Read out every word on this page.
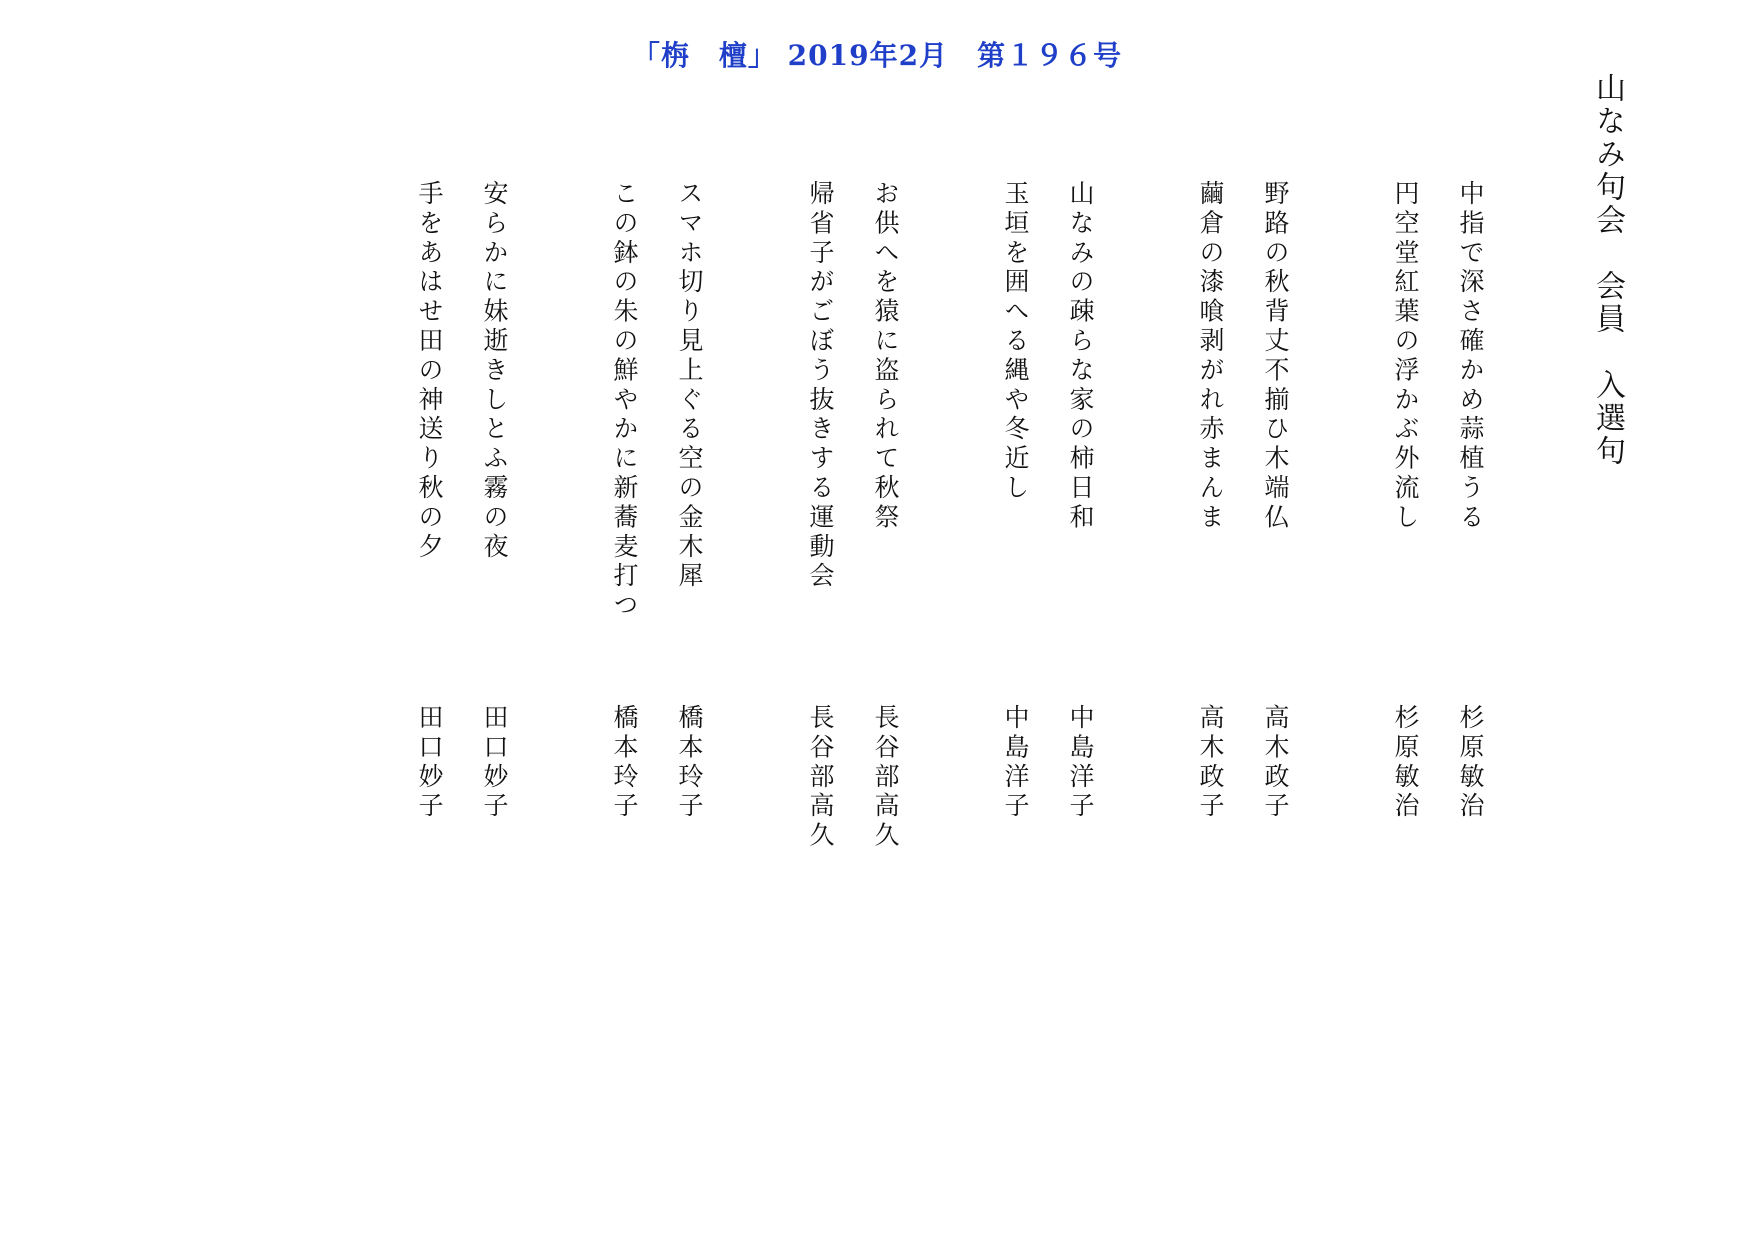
「栴　檀」 2019年2月　第１９６号
山なみ句会　会員　入選句
中指で深さ確かめ蒜植うる
円空堂紅葉の浮かぶ外流し
野路の秋背丈不揃ひ木端仏
繭倉の漆喰剥がれ赤まんま
山なみの疎らな家の柿日和
玉垣を囲へる縄や冬近し
お供へを猿に盗られて秋祭
帰省子がごぼう抜きする運動会
スマホ切り見上ぐる空の金木犀
この鉢の朱の鮮やかに新蕎麦打つ
安らかに妹逝きしとふ霧の夜
手をあはせ田の神送り秋の夕
杉原敏治
杉原敏治
高木政子
高木政子
中島洋子
中島洋子
長谷部高久
長谷部高久
橋本玲子
橋本玲子
田口妙子
田口妙子
